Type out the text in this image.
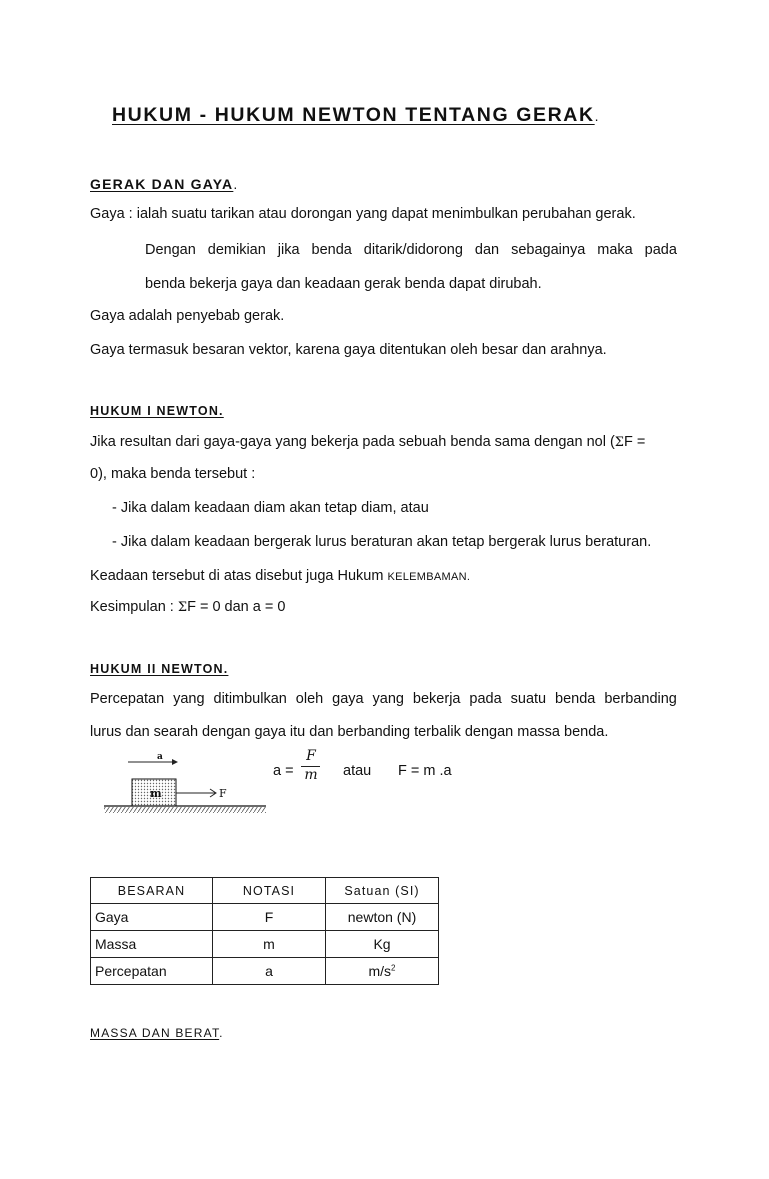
HUKUM - HUKUM NEWTON TENTANG GERAK.
GERAK DAN GAYA.
Gaya : ialah suatu tarikan atau dorongan yang dapat menimbulkan perubahan gerak.
Dengan demikian jika benda ditarik/didorong dan sebagainya maka pada
benda bekerja gaya dan keadaan gerak benda dapat dirubah.
Gaya adalah penyebab gerak.
Gaya termasuk besaran vektor, karena gaya ditentukan oleh besar dan arahnya.
HUKUM I NEWTON.
Jika resultan dari gaya-gaya yang bekerja pada sebuah benda sama dengan nol (ΣF =
0), maka benda tersebut :
- Jika dalam keadaan diam akan tetap diam, atau
- Jika dalam keadaan bergerak lurus beraturan akan tetap bergerak lurus beraturan.
Keadaan tersebut di atas disebut juga Hukum KELEMBAMAN.
Kesimpulan : ΣF = 0 dan a = 0
HUKUM II NEWTON.
Percepatan yang ditimbulkan oleh gaya yang bekerja pada suatu benda berbanding
lurus dan searah dengan gaya itu dan berbanding terbalik dengan massa benda.
a
m	F
a =
F
m atau F = m .a
BESARAN	NOTASI	Satuan (SI)
Gaya	F	newton (N)
Massa	m	Kg
Percepatan	a	$m/s^2$
MASSA DAN BERAT.
